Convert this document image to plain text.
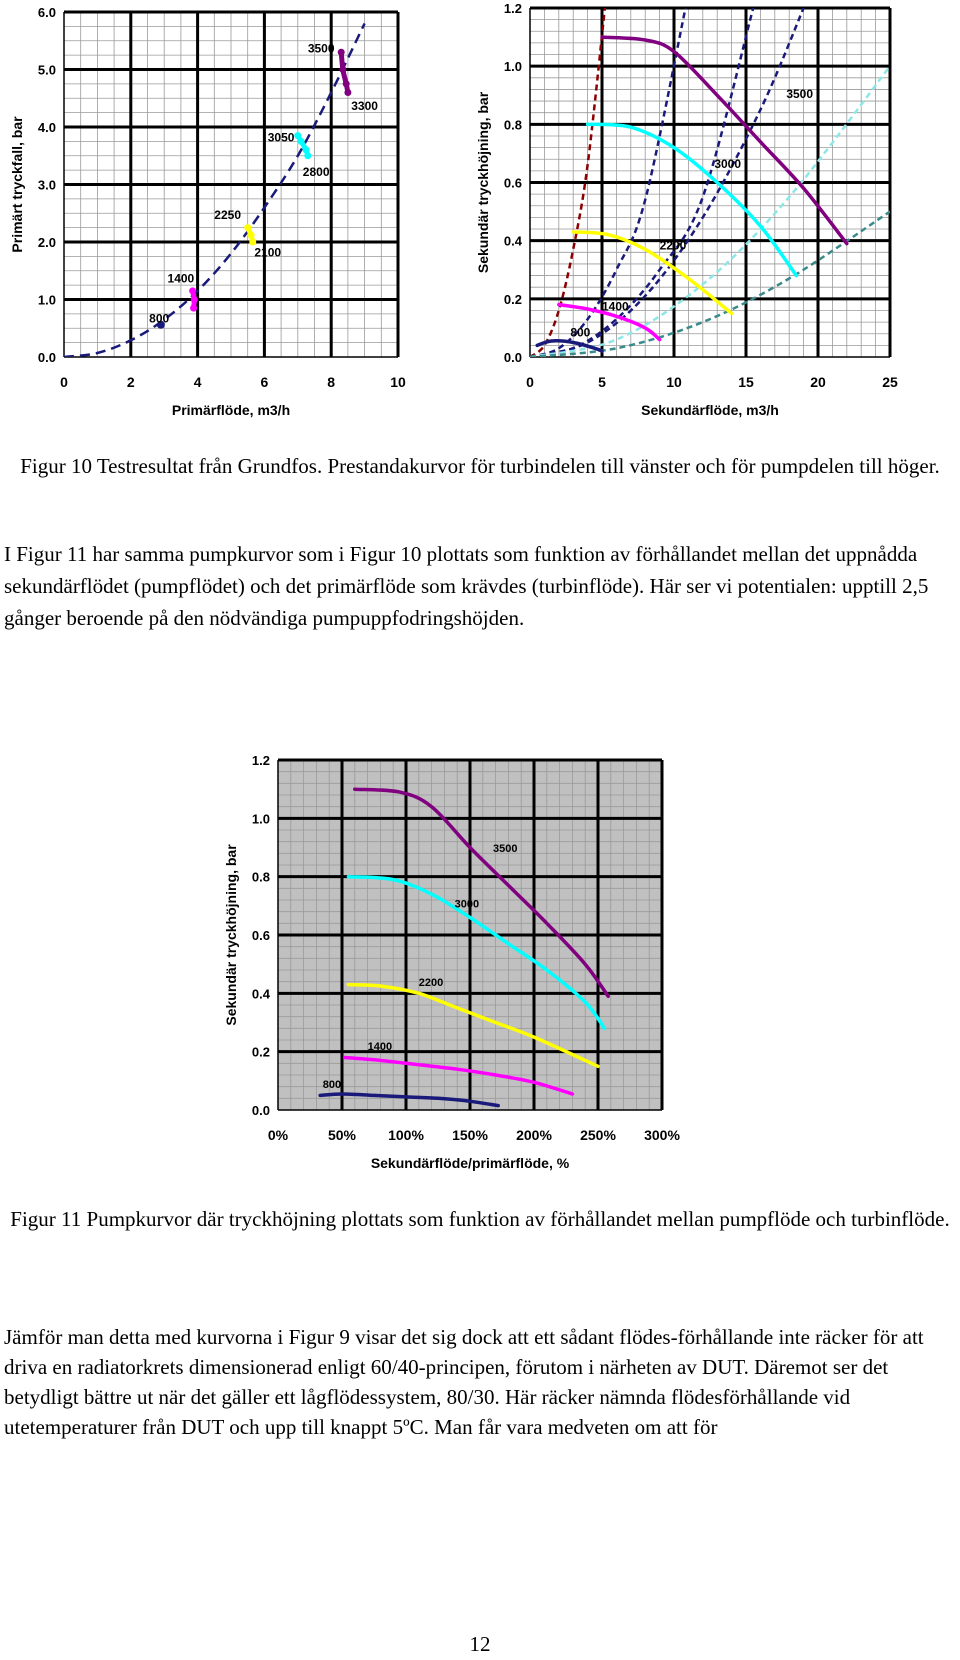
0	2	4	6	8	10
0.0
1.0
2.0
3.0
4.0
5.0
6.0
Primärflöde, m3/h
Primärt tryckfall, bar
800
1400
2250
2100
3050
2800
3500
3300
0	5	10	15	20	25
0.0
0.2
0.4
0.6
0.8
1.0
1.2
Sekundärflöde, m3/h
Sekundär tryckhöjning, bar
800
1400
2200
3000
3500
Figur 10 Testresultat från Grundfos. Prestandakurvor för turbindelen till vänster och för pumpdelen till höger.
I Figur 11 har samma pumpkurvor som i Figur 10 plottats som funktion av förhållandet mellan det uppnådda sekundärflödet (pumpflödet) och det primärflöde som krävdes (turbinflöde). Här ser vi potentialen: upptill 2,5 gånger beroende på den nödvändiga pumpuppfodringshöjden.
0%	50% 100% 150% 200% 250% 300%
0.0
0.2
0.4
0.6
0.8
1.0
1.2
Sekundärflöde/primärflöde, %
Sekundär tryckhöjning, bar
800
1400
2200
3000
3500
Figur 11 Pumpkurvor där tryckhöjning plottats som funktion av förhållandet mellan pumpflöde och turbinflöde.
Jämför man detta med kurvorna i Figur 9 visar det sig dock att ett sådant flödes-förhållande inte räcker för att driva en radiatorkrets dimensionerad enligt 60/40-principen, förutom i närheten av DUT. Däremot ser det betydligt bättre ut när det gäller ett lågflödessystem, 80/30. Här räcker nämnda flödesförhållande vid utetemperaturer från DUT och upp till knappt 5ºC. Man får vara medveten om att för
12
